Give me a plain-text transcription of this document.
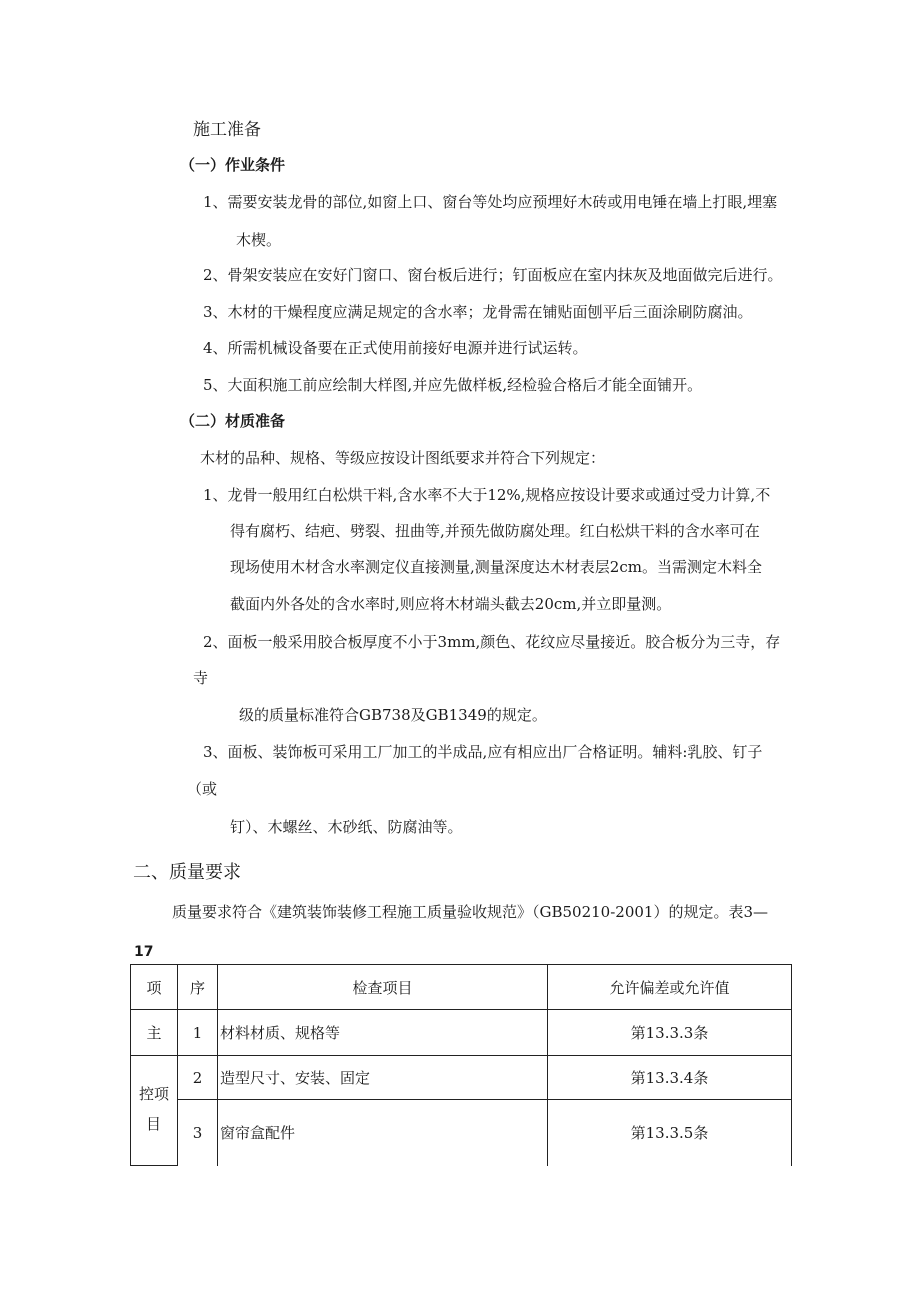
施工准备
（一）作业条件
1、需要安装龙骨的部位,如窗上口、窗台等处均应预埋好木砖或用电锤在墙上打眼,埋塞
木楔。
2、骨架安装应在安好门窗口、窗台板后进行；钉面板应在室内抹灰及地面做完后进行。
3、木材的干燥程度应满足规定的含水率；龙骨需在铺贴面刨平后三面涂刷防腐油。
4、所需机械设备要在正式使用前接好电源并进行试运转。
5、大面积施工前应绘制大样图,并应先做样板,经检验合格后才能全面铺开。
（二）材质准备
木材的品种、规格、等级应按设计图纸要求并符合下列规定：
1、龙骨一般用红白松烘干料,含水率不大于12%,规格应按设计要求或通过受力计算,不
得有腐朽、结疤、劈裂、扭曲等,并预先做防腐处理。红白松烘干料的含水率可在
现场使用木材含水率测定仪直接测量,测量深度达木材表层2cm。当需测定木料全
截面内外各处的含水率时,则应将木材端头截去20cm,并立即量测。
2、面板一般采用胶合板厚度不小于3mm,颜色、花纹应尽量接近。胶合板分为三寺，存
寺
级的质量标准符合GB738及GB1349的规定。
3、面板、装饰板可采用工厂加工的半成品,应有相应出厂合格证明。辅料:乳胶、钉子
（或
钉）、木螺丝、木砂纸、防腐油等。
二、质量要求
质量要求符合《建筑装饰装修工程施工质量验收规范》（GB50210-2001）的规定。表3—
17
项	序	检查项目	允许偏差或允许值
主	1	材料材质、规格等	第13.3.3条

控项
目	2	造型尺寸、安装、固定	第13.3.4条
	3	窗帘盒配件	第13.3.5条
